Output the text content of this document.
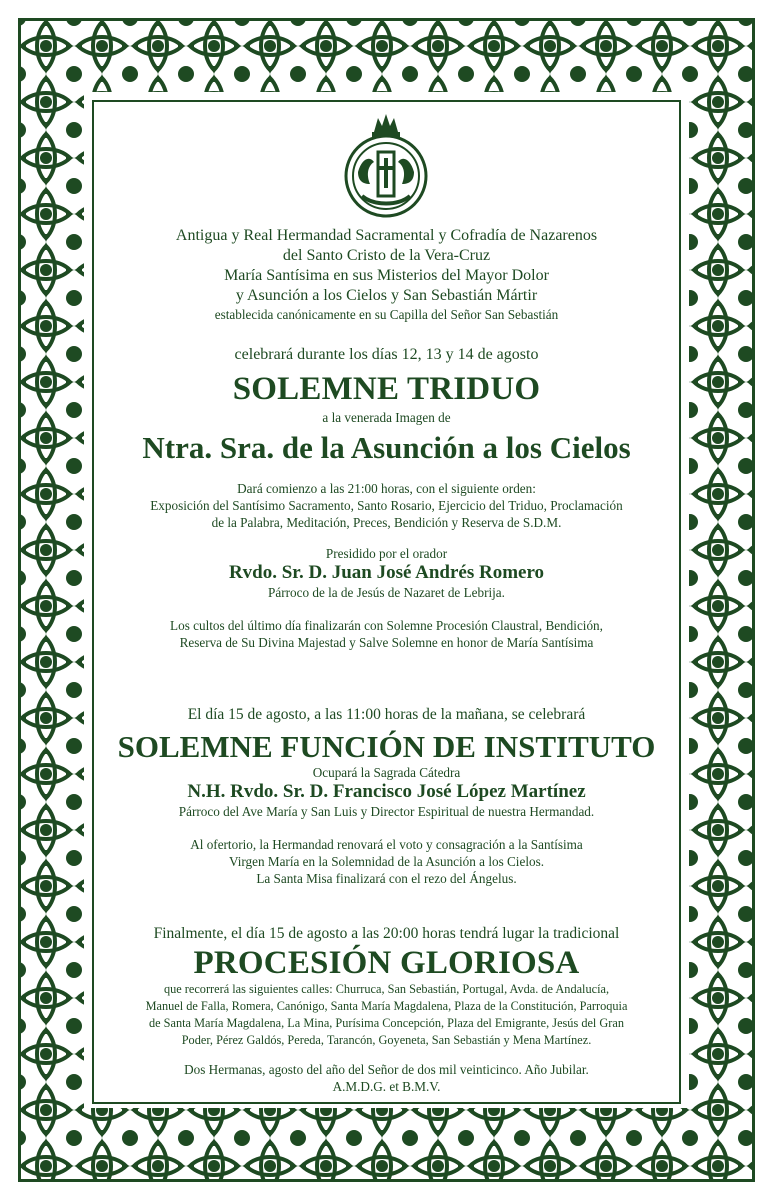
Antigua y Real Hermandad Sacramental y Cofradía de Nazarenos

del Santo Cristo de la Vera-Cruz

María Santísima en sus Misterios del Mayor Dolor

y Asunción a los Cielos y San Sebastián Mártir

establecida canónicamente en su Capilla del Señor San Sebastián

celebrará durante los días 12, 13 y 14 de agosto

SOLEMNE TRIDUO

a la venerada Imagen de

Ntra. Sra. de la Asunción a los Cielos

Dará comienzo a las 21:00 horas, con el siguiente orden:

Exposición del Santísimo Sacramento, Santo Rosario, Ejercicio del Triduo, Proclamación

de la Palabra, Meditación, Preces, Bendición y Reserva de S.D.M.

Presidido por el orador

Rvdo. Sr. D. Juan José Andrés Romero

Párroco de la de Jesús de Nazaret de Lebrija.

Los cultos del último día finalizarán con Solemne Procesión Claustral, Bendición,

Reserva de Su Divina Majestad y Salve Solemne en honor de María Santísima

El día 15 de agosto, a las 11:00 horas de la mañana, se celebrará

SOLEMNE FUNCIÓN DE INSTITUTO

Ocupará la Sagrada Cátedra

N.H. Rvdo. Sr. D. Francisco José López Martínez

Párroco del Ave María y San Luis y Director Espiritual de nuestra Hermandad.

Al ofertorio, la Hermandad renovará el voto y consagración a la Santísima

Virgen María en la Solemnidad de la Asunción a los Cielos.

La Santa Misa finalizará con el rezo del Ángelus.

Finalmente, el día 15 de agosto a las 20:00 horas tendrá lugar la tradicional

PROCESIÓN GLORIOSA

que recorrerá las siguientes calles: Churruca, San Sebastián, Portugal, Avda. de Andalucía,

Manuel de Falla, Romera, Canónigo, Santa María Magdalena, Plaza de la Constitución, Parroquia

de Santa María Magdalena, La Mina, Purísima Concepción, Plaza del Emigrante, Jesús del Gran

Poder, Pérez Galdós, Pereda, Tarancón, Goyeneta, San Sebastián y Mena Martínez.

Dos Hermanas, agosto del año del Señor de dos mil veinticinco. Año Jubilar.

A.M.D.G. et B.M.V.
